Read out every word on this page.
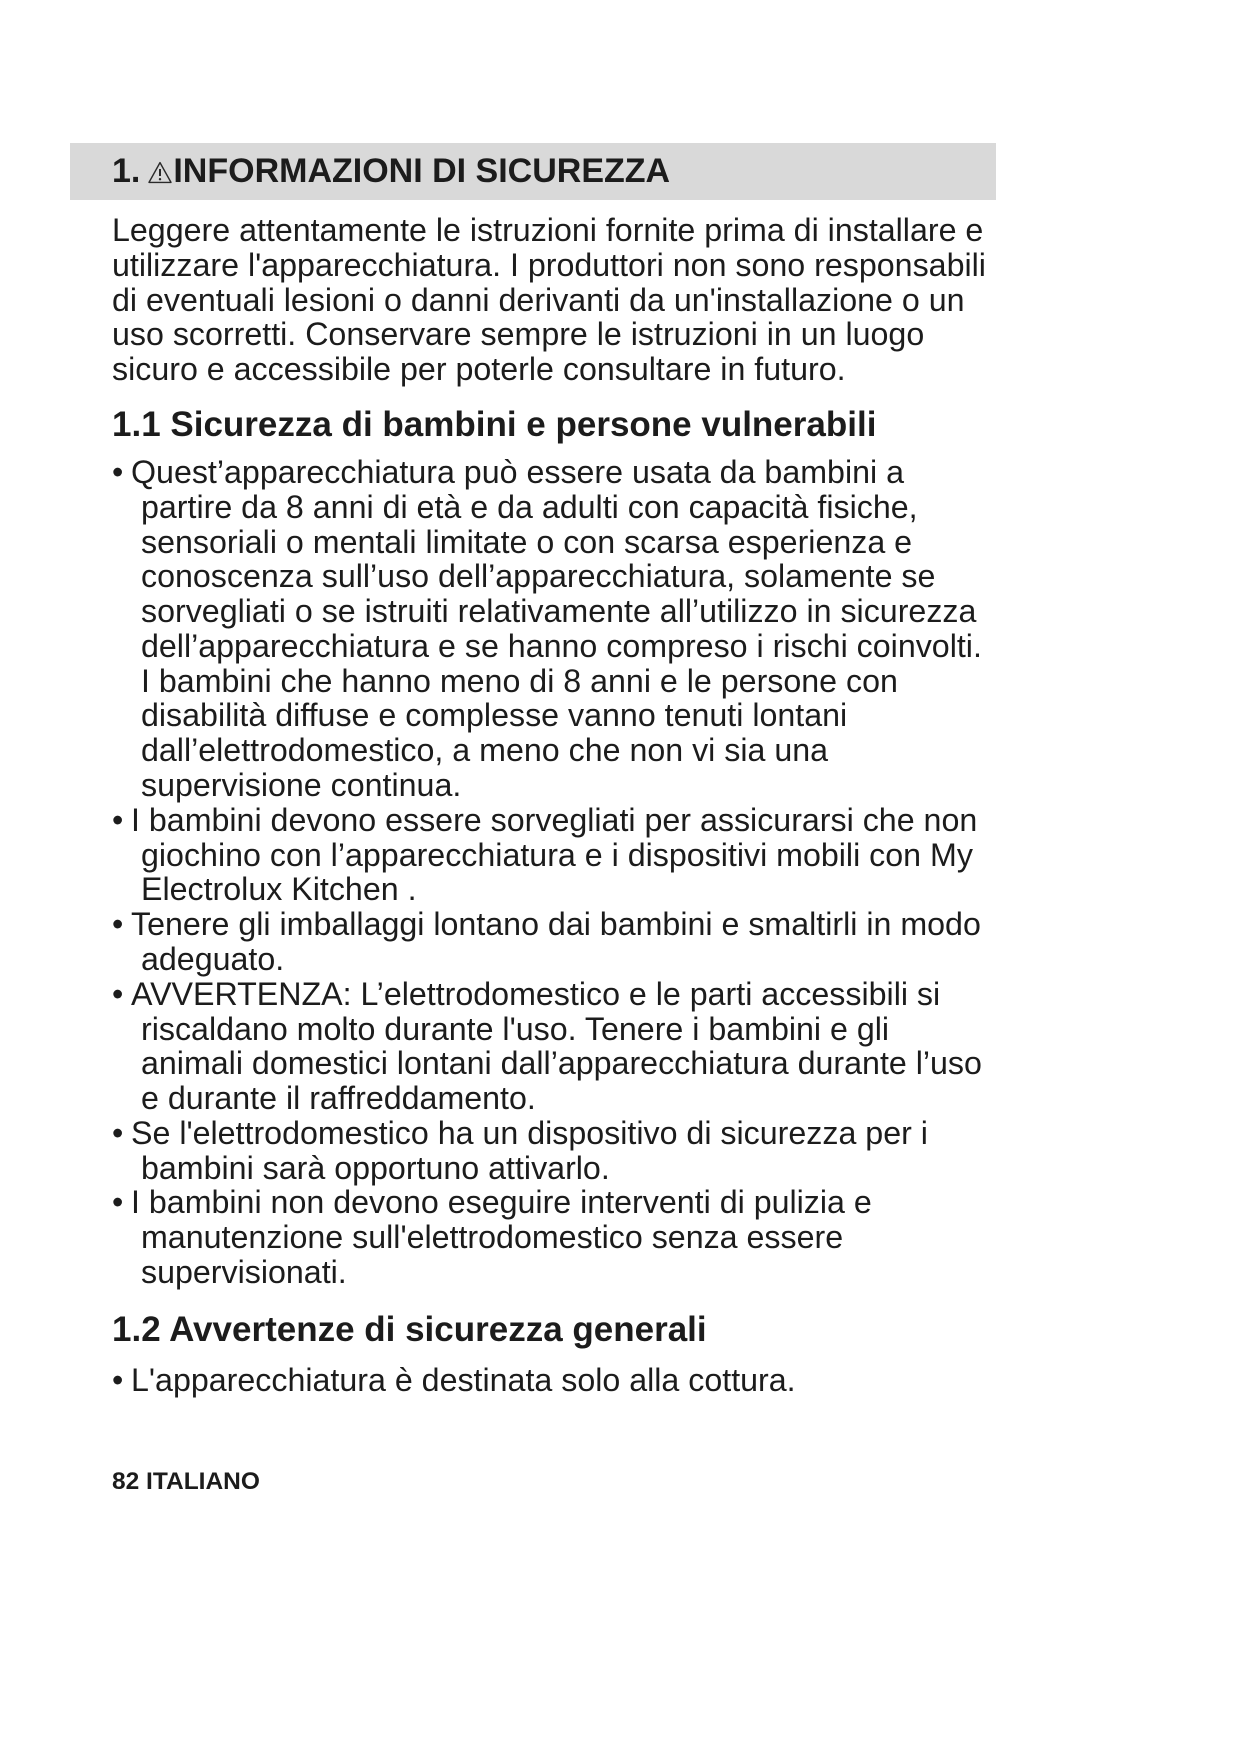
1. INFORMAZIONI DI SICUREZZA
Leggere attentamente le istruzioni fornite prima di installare e
utilizzare l'apparecchiatura. I produttori non sono responsabili
di eventuali lesioni o danni derivanti da un'installazione o un
uso scorretti. Conservare sempre le istruzioni in un luogo
sicuro e accessibile per poterle consultare in futuro.
1.1 Sicurezza di bambini e persone vulnerabili
• Quest’apparecchiatura può essere usata da bambini a
partire da 8 anni di età e da adulti con capacità fisiche,
sensoriali o mentali limitate o con scarsa esperienza e
conoscenza sull’uso dell’apparecchiatura, solamente se
sorvegliati o se istruiti relativamente all’utilizzo in sicurezza
dell’apparecchiatura e se hanno compreso i rischi coinvolti.
I bambini che hanno meno di 8 anni e le persone con
disabilità diffuse e complesse vanno tenuti lontani
dall’elettrodomestico, a meno che non vi sia una
supervisione continua.
• I bambini devono essere sorvegliati per assicurarsi che non
giochino con l’apparecchiatura e i dispositivi mobili con My
Electrolux Kitchen .
• Tenere gli imballaggi lontano dai bambini e smaltirli in modo
adeguato.
• AVVERTENZA: L’elettrodomestico e le parti accessibili si
riscaldano molto durante l'uso. Tenere i bambini e gli
animali domestici lontani dall’apparecchiatura durante l’uso
e durante il raffreddamento.
• Se l'elettrodomestico ha un dispositivo di sicurezza per i
bambini sarà opportuno attivarlo.
• I bambini non devono eseguire interventi di pulizia e
manutenzione sull'elettrodomestico senza essere
supervisionati.
1.2 Avvertenze di sicurezza generali
• L'apparecchiatura è destinata solo alla cottura.
82 ITALIANO
